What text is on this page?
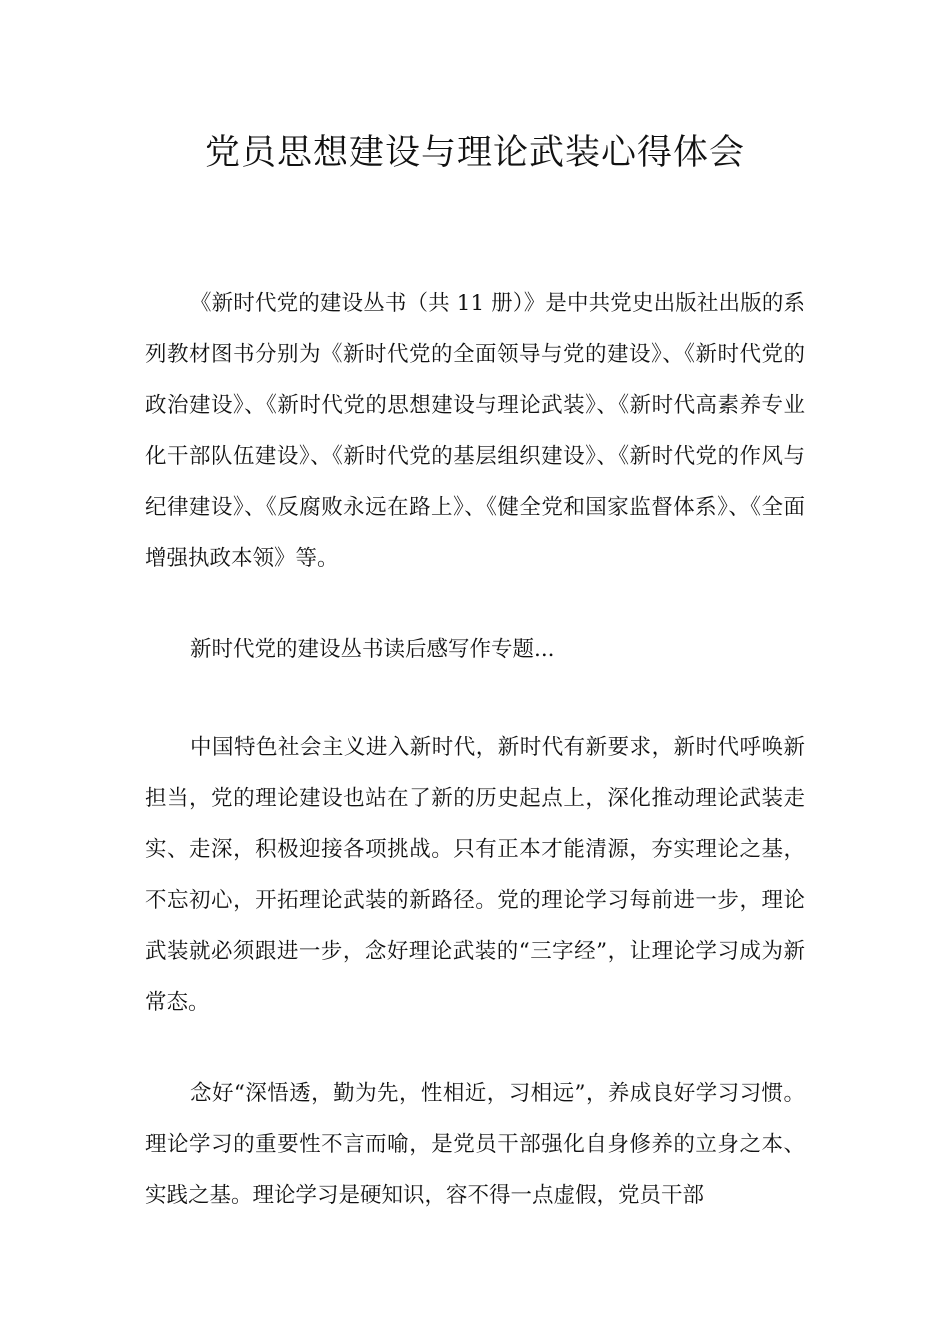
党员思想建设与理论武装心得体会

《新时代党的建设丛书（共 11 册）》是中共党史出版社出版的系列教材图书分别为《新时代党的全面领导与党的建设》、《新时代党的政治建设》、《新时代党的思想建设与理论武装》、《新时代高素养专业化干部队伍建设》、《新时代党的基层组织建设》、《新时代党的作风与纪律建设》、《反腐败永远在路上》、《健全党和国家监督体系》、《全面增强执政本领》等。

新时代党的建设丛书读后感写作专题...

中国特色社会主义进入新时代，新时代有新要求，新时代呼唤新担当，党的理论建设也站在了新的历史起点上，深化推动理论武装走实、走深，积极迎接各项挑战。只有正本才能清源，夯实理论之基，不忘初心，开拓理论武装的新路径。党的理论学习每前进一步，理论武装就必须跟进一步，念好理论武装的“三字经”，让理论学习成为新常态。

念好“深悟透，勤为先，性相近，习相远”，养成良好学习习惯。理论学习的重要性不言而喻，是党员干部强化自身修养的立身之本、实践之基。理论学习是硬知识，容不得一点虚假，党员干部
